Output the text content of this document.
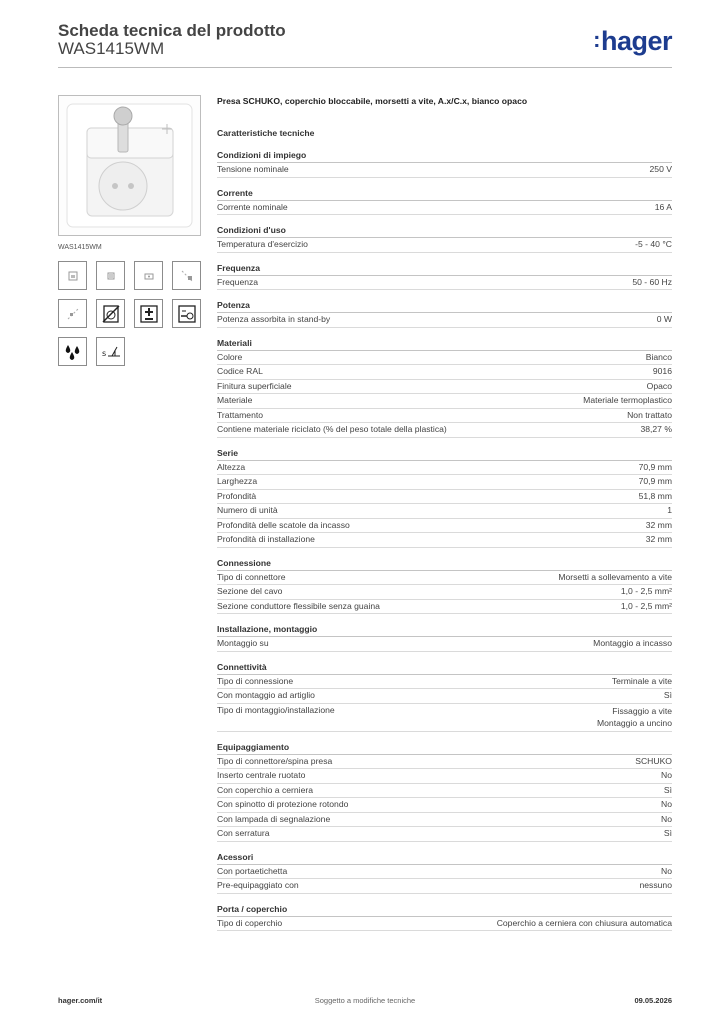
Scheda tecnica del prodotto
WAS1415WM	:hager
WAS1415WM
s
Presa SCHUKO, coperchio bloccabile, morsetti a vite, A.x/C.x, bianco opaco
Caratteristiche tecniche
Condizioni di impiego
Tensione nominale	250 V
Corrente
Corrente nominale	16 A
Condizioni d'uso
Temperatura d'esercizio	-5 - 40 °C
Frequenza
Frequenza	50 - 60 Hz
Potenza
Potenza assorbita in stand-by	0 W
Materiali
Colore	Bianco
Codice RAL	9016
Finitura superficiale	Opaco
Materiale	Materiale termoplastico
Trattamento	Non trattato
Contiene materiale riciclato (% del peso totale della plastica)	38,27 %
Serie
Altezza	70,9 mm
Larghezza	70,9 mm
Profondità	51,8 mm
Numero di unità	1
Profondità delle scatole da incasso	32 mm
Profondità di installazione	32 mm
Connessione
Tipo di connettore	Morsetti a sollevamento a vite
Sezione del cavo	1,0 - 2,5 mm²
Sezione conduttore flessibile senza guaina	1,0 - 2,5 mm²
Installazione, montaggio
Montaggio su	Montaggio a incasso
Connettività
Tipo di connessione	Terminale a vite
Con montaggio ad artiglio	Sì
Tipo di montaggio/installazione	Fissaggio a vite
Montaggio a uncino
Equipaggiamento
Tipo di connettore/spina presa	SCHUKO
Inserto centrale ruotato	No
Con coperchio a cerniera	Sì
Con spinotto di protezione rotondo	No
Con lampada di segnalazione	No
Con serratura	Sì
Acessori
Con portaetichetta	No
Pre-equipaggiato con	nessuno
Porta / coperchio
Tipo di coperchio	Coperchio a cerniera con chiusura automatica
hager.com/it	Soggetto a modifiche tecniche	09.05.2026
